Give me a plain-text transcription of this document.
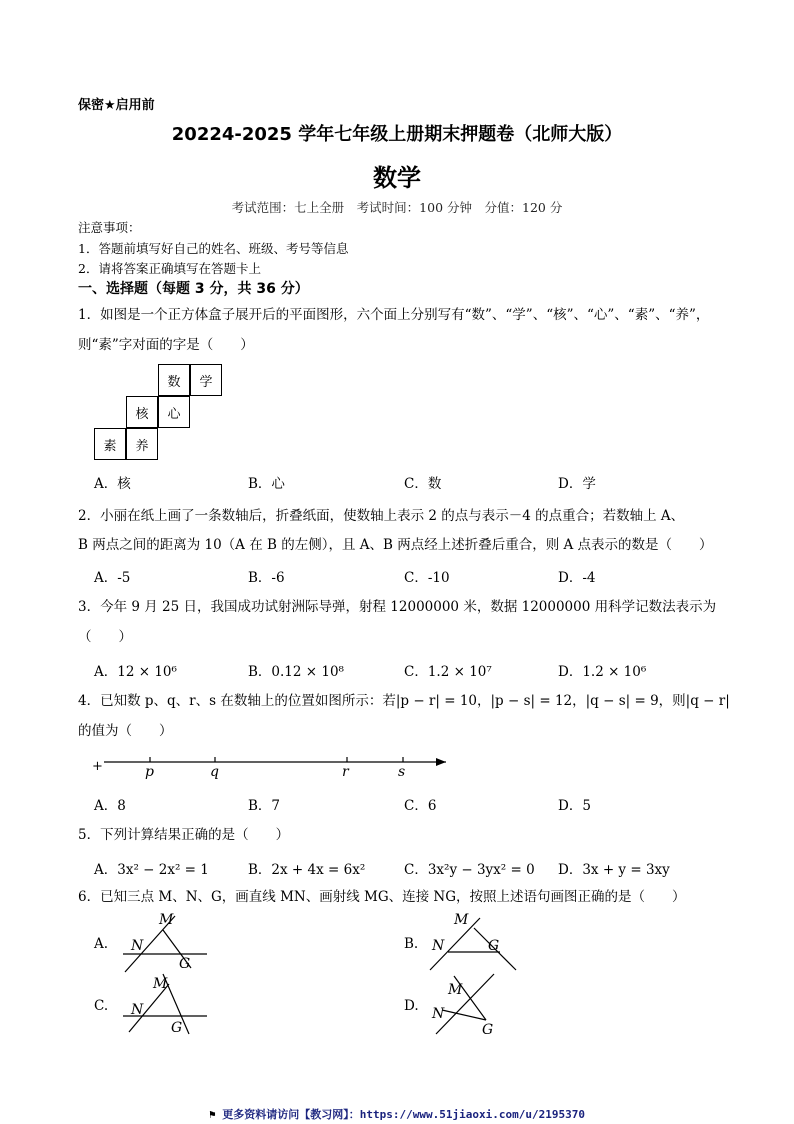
保密★启用前
20224-2025 学年七年级上册期末押题卷（北师大版）
数学
考试范围：七上全册　考试时间：100 分钟　分值：120 分
注意事项：
1．答题前填写好自己的姓名、班级、考号等信息
2．请将答案正确填写在答题卡上
一、选择题（每题 3 分，共 36 分）
1．如图是一个正方体盒子展开后的平面图形，六个面上分别写有“数”、“学”、“核”、“心”、“素”、“养”，
则“素”字对面的字是（　　）
数	学
核	心
素	养
A．核	B．心	C．数	D．学
2．小丽在纸上画了一条数轴后，折叠纸面，使数轴上表示 2 的点与表示－4 的点重合；若数轴上 A、
B 两点之间的距离为 10（A 在 B 的左侧），且 A、B 两点经上述折叠后重合，则 A 点表示的数是（　　）
A．-5	B．-6	C．-10	D．-4
3．今年 9 月 25 日，我国成功试射洲际导弹，射程 12000000 米，数据 12000000 用科学记数法表示为
（　　）
A．12 × 10⁶	B．0.12 × 10⁸	C．1.2 × 10⁷	D．1.2 × 10⁶
4．已知数 p、q、r、s 在数轴上的位置如图所示：若|p − r| = 10，|p − s| = 12，|q − s| = 9，则|q − r|
的值为（　　）
+	p	q	r	s
A．8	B．7	C．6	D．5
5．下列计算结果正确的是（　　）
A．3x² − 2x² = 1	B．2x + 4x = 6x²	C．3x²y − 3yx² = 0 D．3x + y = 3xy
6．已知三点 M、N、G，画直线 MN、画射线 MG、连接 NG，按照上述语句画图正确的是（　　）
A.
M
N
G
B.
M
N	G
C.
M
N
G
D.
M
N
G
⚑ 更多资料请访问【教习网】：https://www.51jiaoxi.com/u/2195370
